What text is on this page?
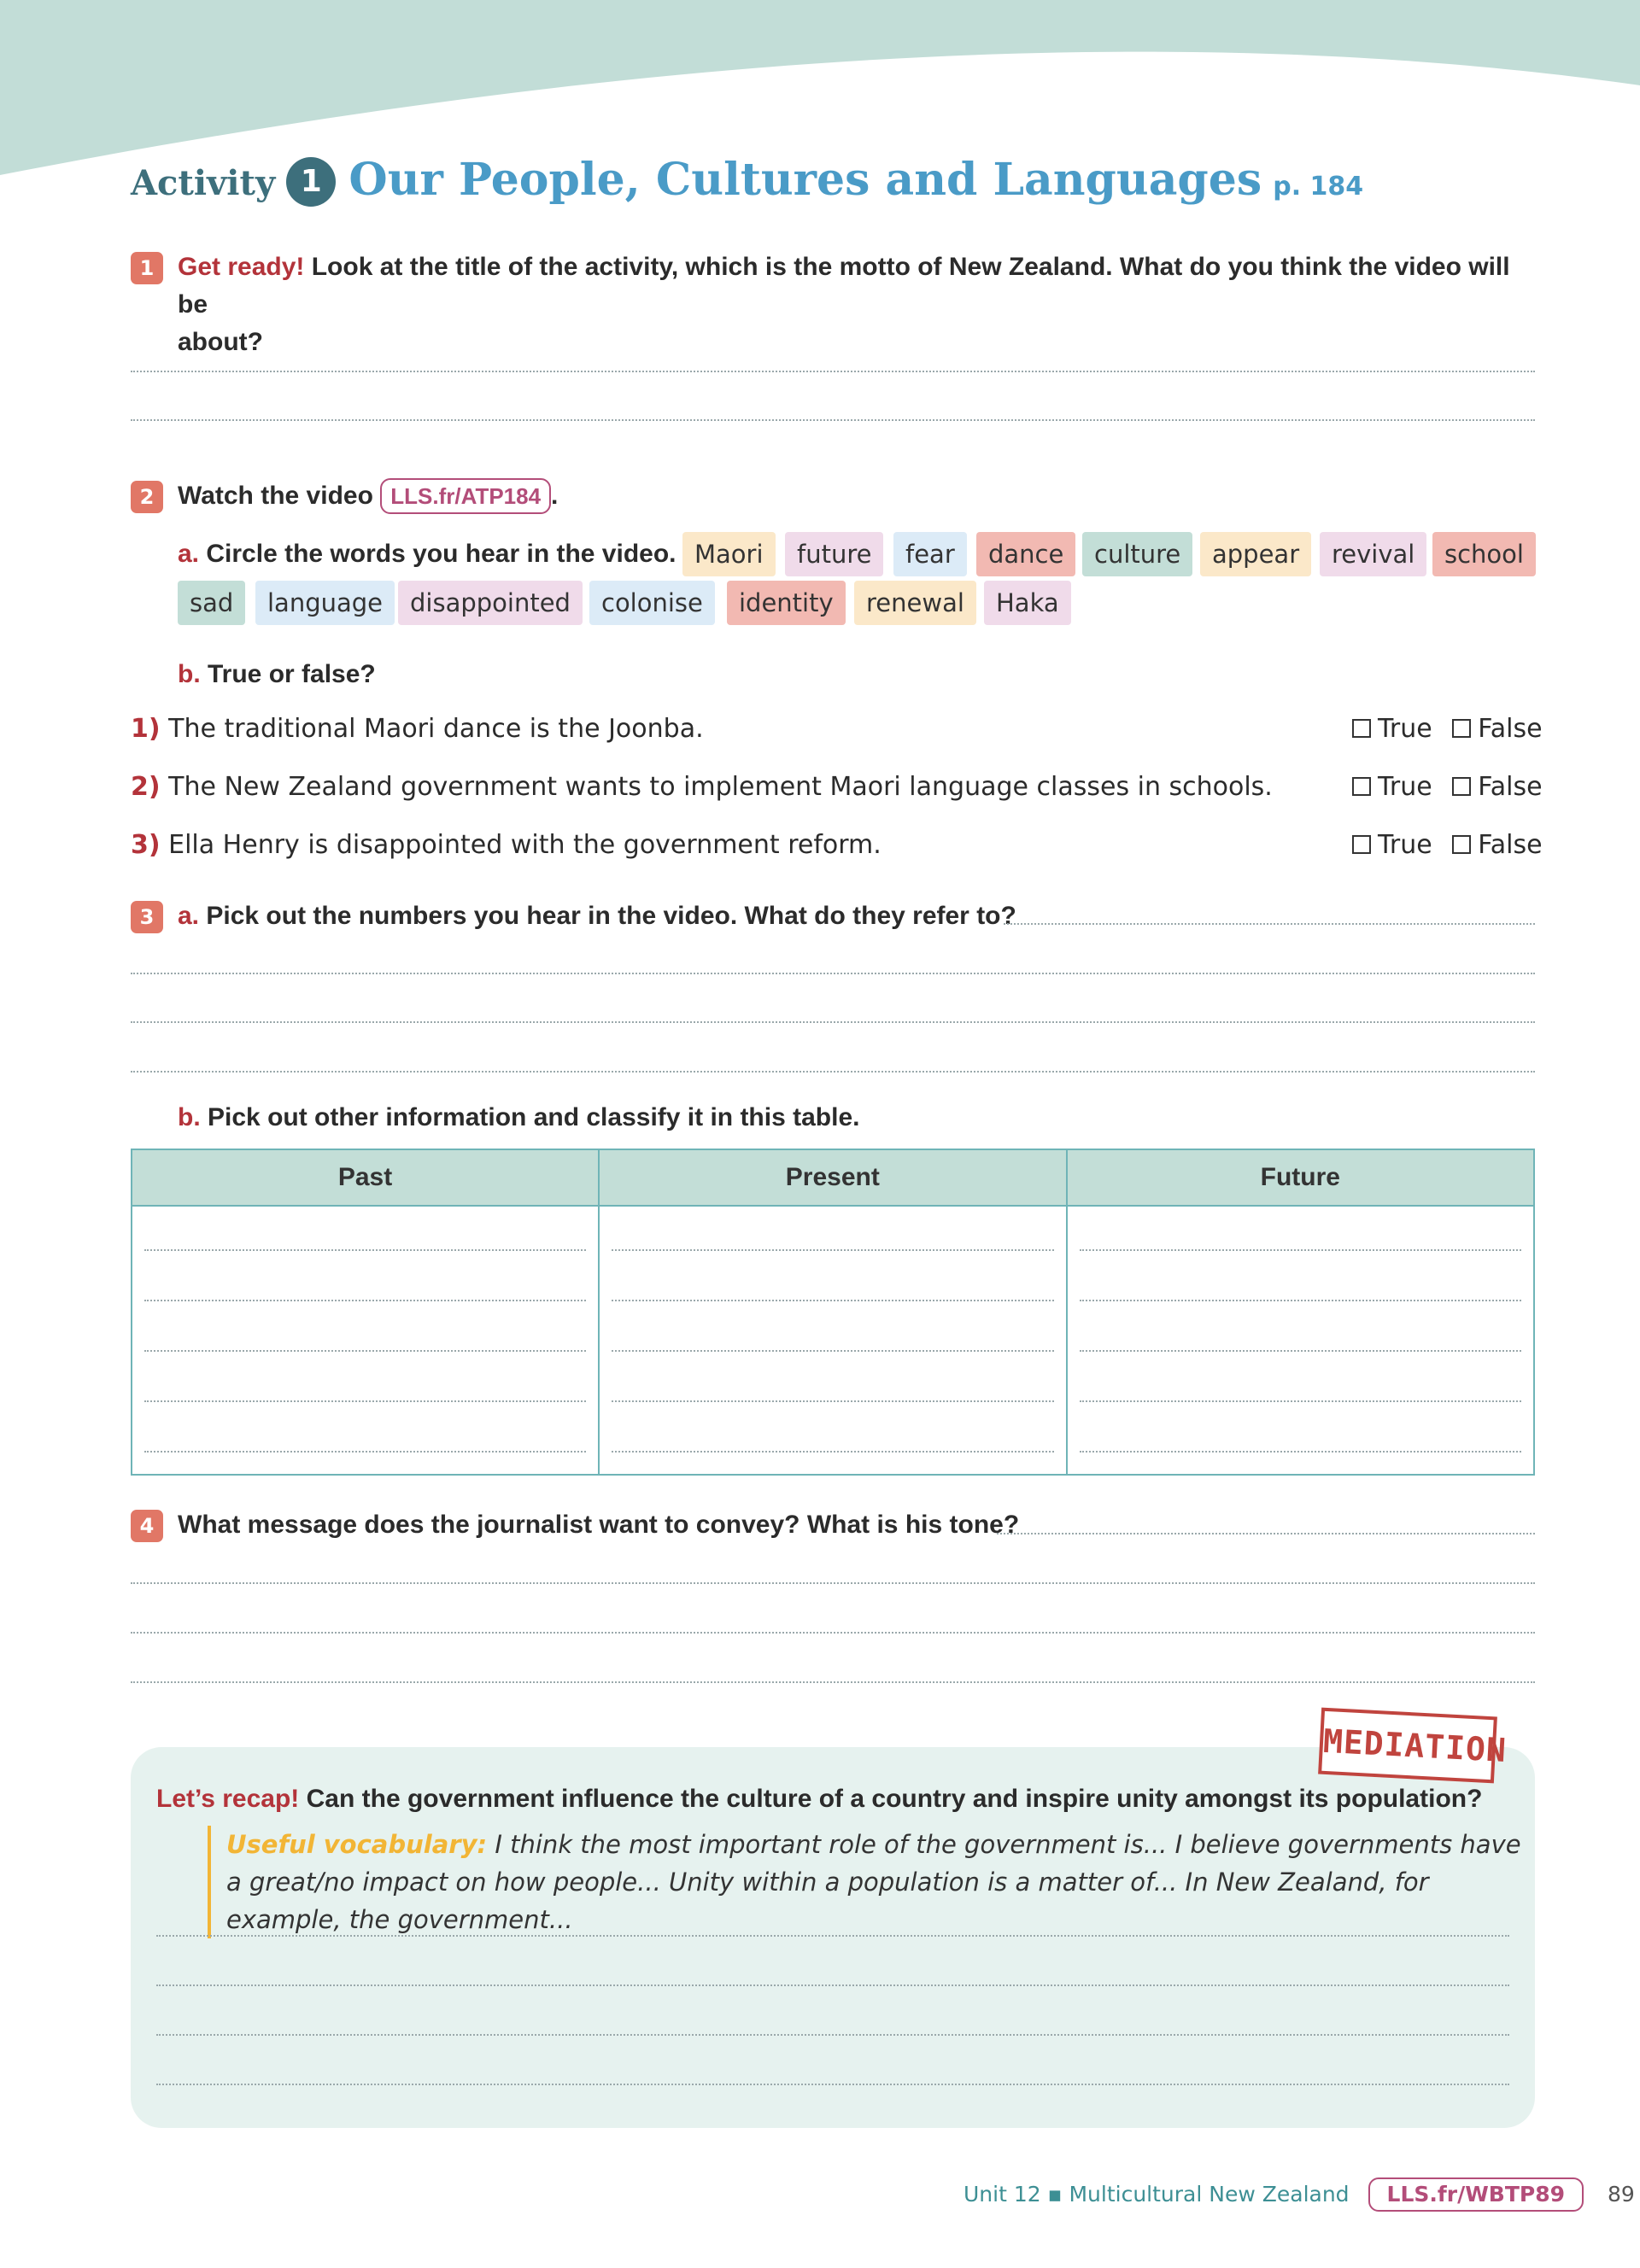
Activity 1 Our People, Cultures and Languages p. 184
1 Get ready! Look at the title of the activity, which is the motto of New Zealand. What do you think the video will be
about?
2 Watch the video LLS.fr/ATP184 .
a. Circle the words you hear in the video. Maori	future	fear	dance	culture	appear	revival	school
sad	language	disappointed	colonise	identity	renewal	Haka
b. True or false?
1) The traditional Maori dance is the Joonba.	True False
2) The New Zealand government wants to implement Maori language classes in schools.	True False
3) Ella Henry is disappointed with the government reform.	True False
3 a. Pick out the numbers you hear in the video. What do they refer to?
b. Pick out other information and classify it in this table.
Past	Present	Future

4 What message does the journalist want to convey? What is his tone?
MEDIATION
Let’s recap! Can the government influence the culture of a country and inspire unity amongst its population?
Useful vocabulary: I think the most important role of the government is... I believe governments have a great/no impact on how people... Unity within a population is a matter of... In New Zealand, for example, the government...
Unit 12 ▪ Multicultural New Zealand LLS.fr/WBTP89 89
